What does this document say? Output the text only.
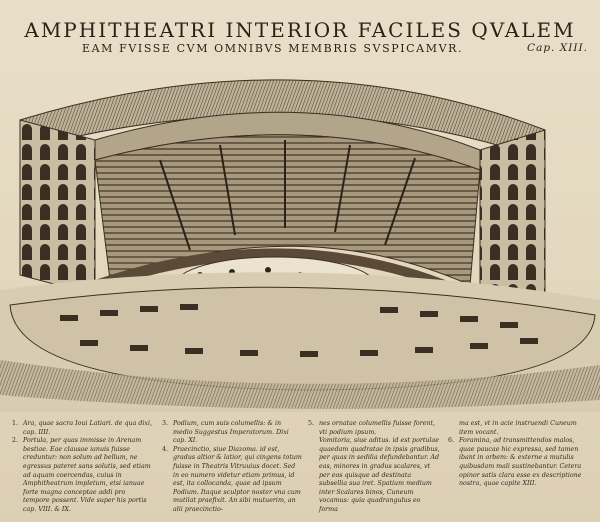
AMPHITHEATRI INTERIOR FACILES QVALEM
EAM FVISSE CVM OMNIBVS MEMBRIS SVSPICAMVR.	Cap. XIII.
1. Ara, quae sacra Ioui Latiari. de qua dixi, cap. IIII.
2. Portula, per quas immisse in Arenam bestiae. Eae clausae ianuis fuisse creduntur: non solum ad bellum, ne egressus pateret sans solutis, sed etiam ad aquam coercendas, cuius in Amphitheatrum impletum, etsi ianuae forte magna conceptae addi pro tempore possent. Vide super his portis cap. VIII. & IX.
3. Podium, cum suis columellis: & in medio Suggestus Imperatorum. Dixi cap. XI.
4. Praecinctio, siue Diazoma. id est, gradus altior & latior, qui cingens totum fuisse in Theatris Vitruuius docet. Sed in eo numero videtur etiam primus, id est, ita collocanda, quae ad ipsum Podium. Itaque sculptor noster vna cum mutilat praefixit. An sibi mutuerim, an alii praecinctio-
5. nes ornatae columellis fuisse forent, vti podium ipsum.
Vomitoria, siue aditus. id est portulae quaedam quadratae in ipsis gradibus, per quas in sedilia defundebantur. Ad eas, minores in gradus scalares, vt per eos quisque ad destinata subsellia sua iret. Spatium medium inter Scalares binos, Cuneum vocamus: quia quadrangulus eo forma
ma est, vt in acie instruendi Cuneum item vocant.
6. Foramina, ad transmittendos malos, quae paucae hic expressa, sed tamen ibant in orbem: & externe a mutulis quibusdam mali sustinebantur. Cetera opinor satis clara esse ex descriptione nostra, quae capite XIII.
